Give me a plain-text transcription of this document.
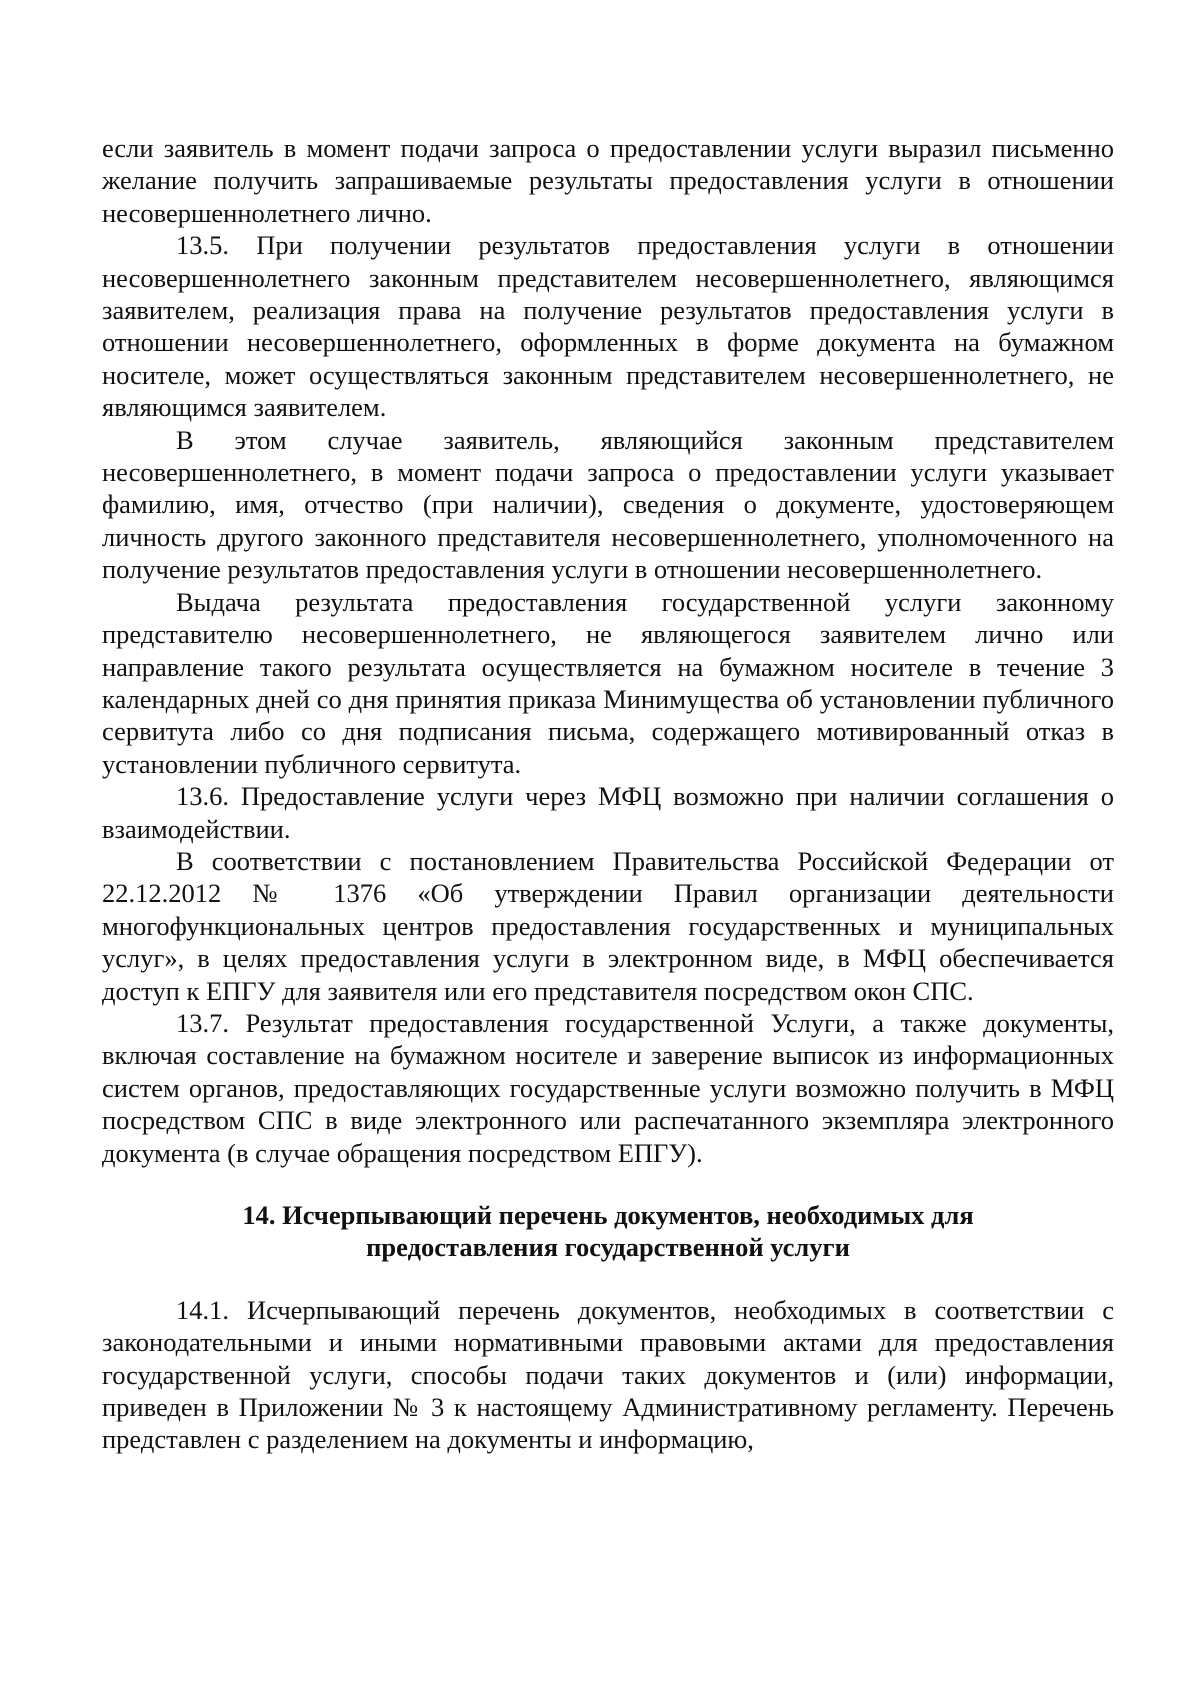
если заявитель в момент подачи запроса о предоставлении услуги выразил письменно желание получить запрашиваемые результаты предоставления услуги в отношении несовершеннолетнего лично.

13.5. При получении результатов предоставления услуги в отношении несовершеннолетнего законным представителем несовершеннолетнего, являющимся заявителем, реализация права на получение результатов предоставления услуги в отношении несовершеннолетнего, оформленных в форме документа на бумажном носителе, может осуществляться законным представителем несовершеннолетнего, не являющимся заявителем.

В этом случае заявитель, являющийся законным представителем несовершеннолетнего, в момент подачи запроса о предоставлении услуги указывает фамилию, имя, отчество (при наличии), сведения о документе, удостоверяющем личность другого законного представителя несовершеннолетнего, уполномоченного на получение результатов предоставления услуги в отношении несовершеннолетнего.

Выдача результата предоставления государственной услуги законному представителю несовершеннолетнего, не являющегося заявителем лично или направление такого результата осуществляется на бумажном носителе в течение 3 календарных дней со дня принятия приказа Минимущества об установлении публичного сервитута либо со дня подписания письма, содержащего мотивированный отказ в установлении публичного сервитута.

13.6. Предоставление услуги через МФЦ возможно при наличии соглашения о взаимодействии.

В соответствии с постановлением Правительства Российской Федерации от 22.12.2012 № 1376 «Об утверждении Правил организации деятельности многофункциональных центров предоставления государственных и муниципальных услуг», в целях предоставления услуги в электронном виде, в МФЦ обеспечивается доступ к ЕПГУ для заявителя или его представителя посредством окон СПС.

13.7. Результат предоставления государственной Услуги, а также документы, включая составление на бумажном носителе и заверение выписок из информационных систем органов, предоставляющих государственные услуги возможно получить в МФЦ посредством СПС в виде электронного или распечатанного экземпляра электронного документа (в случае обращения посредством ЕПГУ).

14. Исчерпывающий перечень документов, необходимых для
предоставления государственной услуги

14.1. Исчерпывающий перечень документов, необходимых в соответствии с законодательными и иными нормативными правовыми актами для предоставления государственной услуги, способы подачи таких документов и (или) информации, приведен в Приложении № 3 к настоящему Административному регламенту. Перечень представлен с разделением на документы и информацию,
